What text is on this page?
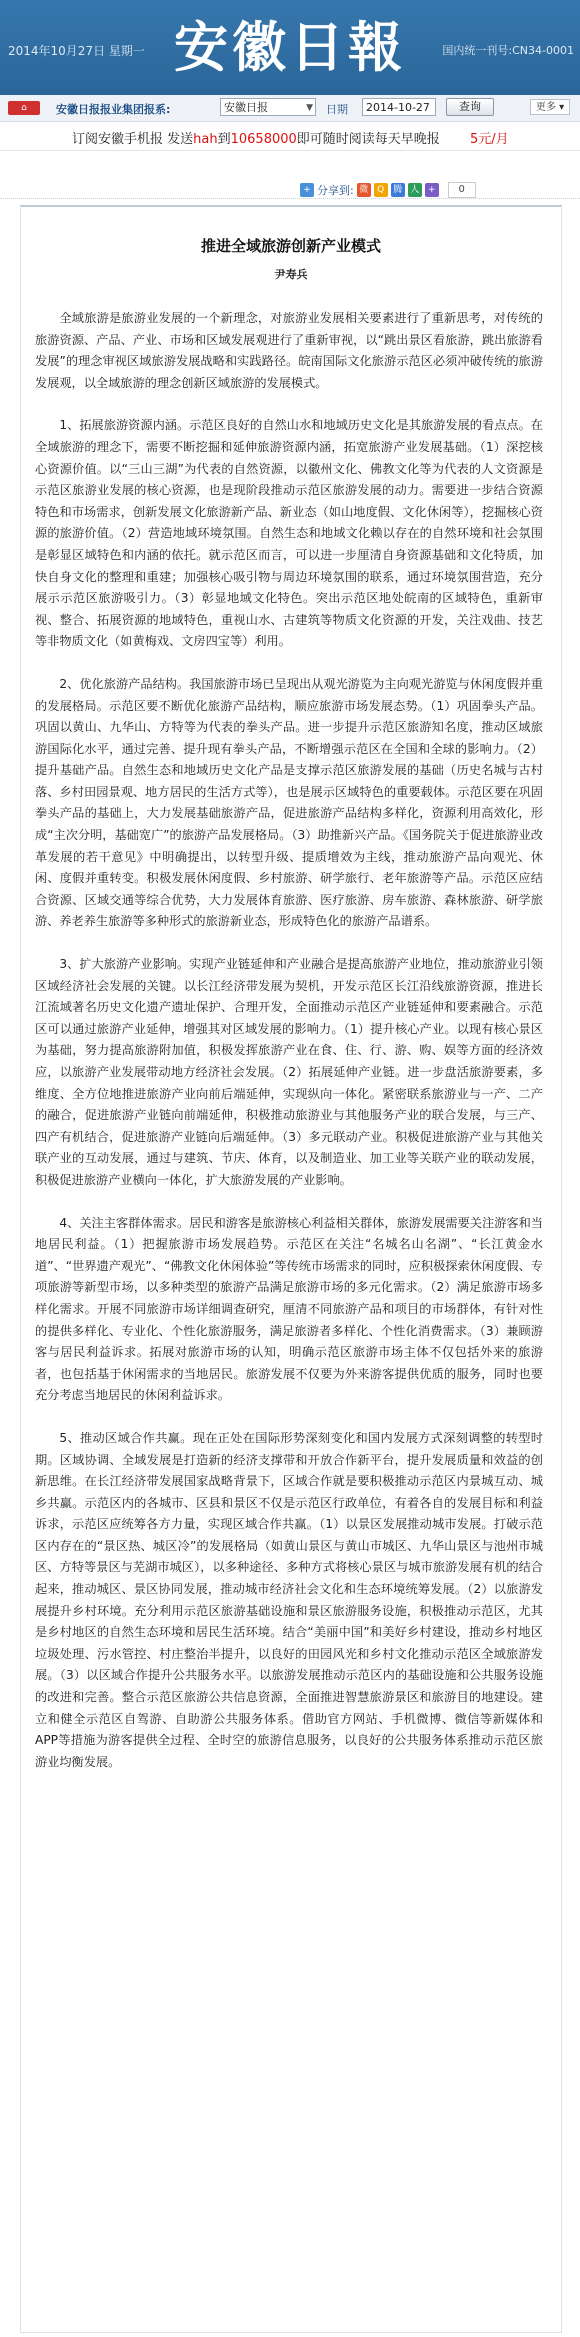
2014年10月27日 星期一 安徽日報	国内统一刊号:CN34-0001
⌂	安徽日报报业集团报系:	安徽日报	▼ 日期	2014-10-27	查询	更多 ▾
订阅安徽手机报 发送hah到10658000即可随时阅读每天早晚报 5元/月
+ 分享到: 微 Q 腾 人 +	0
推进全域旅游创新产业模式
尹寿兵

全域旅游是旅游业发展的一个新理念，对旅游业发展相关要素进行了重新思考，对传统的旅游资源、产品、产业、市场和区域发展观进行了重新审视，以“跳出景区看旅游，跳出旅游看发展”的理念审视区域旅游发展战略和实践路径。皖南国际文化旅游示范区必须冲破传统的旅游发展观，以全域旅游的理念创新区域旅游的发展模式。

1、拓展旅游资源内涵。示范区良好的自然山水和地域历史文化是其旅游发展的看点点。在全域旅游的理念下，需要不断挖掘和延伸旅游资源内涵，拓宽旅游产业发展基础。（1）深挖核心资源价值。以“三山三湖”为代表的自然资源，以徽州文化、佛教文化等为代表的人文资源是示范区旅游业发展的核心资源，也是现阶段推动示范区旅游发展的动力。需要进一步结合资源特色和市场需求，创新发展文化旅游新产品、新业态（如山地度假、文化休闲等），挖掘核心资源的旅游价值。（2）营造地域环境氛围。自然生态和地域文化赖以存在的自然环境和社会氛围是彰显区域特色和内涵的依托。就示范区而言，可以进一步厘清自身资源基础和文化特质，加快自身文化的整理和重建；加强核心吸引物与周边环境氛围的联系，通过环境氛围营造，充分展示示范区旅游吸引力。（3）彰显地域文化特色。突出示范区地处皖南的区域特色，重新审视、整合、拓展资源的地域特色，重视山水、古建筑等物质文化资源的开发，关注戏曲、技艺等非物质文化（如黄梅戏、文房四宝等）利用。

2、优化旅游产品结构。我国旅游市场已呈现出从观光游览为主向观光游览与休闲度假并重的发展格局。示范区要不断优化旅游产品结构，顺应旅游市场发展态势。（1）巩固拳头产品。巩固以黄山、九华山、方特等为代表的拳头产品。进一步提升示范区旅游知名度，推动区域旅游国际化水平，通过完善、提升现有拳头产品，不断增强示范区在全国和全球的影响力。（2）提升基础产品。自然生态和地域历史文化产品是支撑示范区旅游发展的基础（历史名城与古村落、乡村田园景观、地方居民的生活方式等），也是展示区域特色的重要载体。示范区要在巩固拳头产品的基础上，大力发展基础旅游产品，促进旅游产品结构多样化，资源利用高效化，形成“主次分明，基础宽广”的旅游产品发展格局。（3）助推新兴产品。《国务院关于促进旅游业改革发展的若干意见》中明确提出，以转型升级、提质增效为主线，推动旅游产品向观光、休闲、度假并重转变。积极发展休闲度假、乡村旅游、研学旅行、老年旅游等产品。示范区应结合资源、区域交通等综合优势，大力发展体育旅游、医疗旅游、房车旅游、森林旅游、研学旅游、养老养生旅游等多种形式的旅游新业态，形成特色化的旅游产品谱系。

3、扩大旅游产业影响。实现产业链延伸和产业融合是提高旅游产业地位，推动旅游业引领区域经济社会发展的关键。以长江经济带发展为契机，开发示范区长江沿线旅游资源，推进长江流域著名历史文化遗产遗址保护、合理开发，全面推动示范区产业链延伸和要素融合。示范区可以通过旅游产业延伸，增强其对区域发展的影响力。（1）提升核心产业。以现有核心景区为基础，努力提高旅游附加值，积极发挥旅游产业在食、住、行、游、购、娱等方面的经济效应，以旅游产业发展带动地方经济社会发展。（2）拓展延伸产业链。进一步盘活旅游要素，多维度、全方位地推进旅游产业向前后端延伸，实现纵向一体化。紧密联系旅游业与一产、二产的融合，促进旅游产业链向前端延伸，积极推动旅游业与其他服务产业的联合发展，与三产、四产有机结合，促进旅游产业链向后端延伸。（3）多元联动产业。积极促进旅游产业与其他关联产业的互动发展，通过与建筑、节庆、体育，以及制造业、加工业等关联产业的联动发展，积极促进旅游产业横向一体化，扩大旅游发展的产业影响。

4、关注主客群体需求。居民和游客是旅游核心利益相关群体，旅游发展需要关注游客和当地居民利益。（1）把握旅游市场发展趋势。示范区在关注“名城名山名湖”、“长江黄金水道”、“世界遗产观光”、“佛教文化休闲体验”等传统市场需求的同时，应积极探索休闲度假、专项旅游等新型市场，以多种类型的旅游产品满足旅游市场的多元化需求。（2）满足旅游市场多样化需求。开展不同旅游市场详细调查研究，厘清不同旅游产品和项目的市场群体，有针对性的提供多样化、专业化、个性化旅游服务，满足旅游者多样化、个性化消费需求。（3）兼顾游客与居民利益诉求。拓展对旅游市场的认知，明确示范区旅游市场主体不仅包括外来的旅游者，也包括基于休闲需求的当地居民。旅游发展不仅要为外来游客提供优质的服务，同时也要充分考虑当地居民的休闲利益诉求。

5、推动区域合作共赢。现在正处在国际形势深刻变化和国内发展方式深刻调整的转型时期。区域协调、全域发展是打造新的经济支撑带和开放合作新平台，提升发展质量和效益的创新思维。在长江经济带发展国家战略背景下，区域合作就是要积极推动示范区内景城互动、城乡共赢。示范区内的各城市、区县和景区不仅是示范区行政单位，有着各自的发展目标和利益诉求，示范区应统筹各方力量，实现区域合作共赢。（1）以景区发展推动城市发展。打破示范区内存在的“景区热、城区冷”的发展格局（如黄山景区与黄山市城区、九华山景区与池州市城区、方特等景区与芜湖市城区），以多种途径、多种方式将核心景区与城市旅游发展有机的结合起来，推动城区、景区协同发展，推动城市经济社会文化和生态环境统筹发展。（2）以旅游发展提升乡村环境。充分利用示范区旅游基础设施和景区旅游服务设施，积极推动示范区，尤其是乡村地区的自然生态环境和居民生活环境。结合“美丽中国”和美好乡村建设，推动乡村地区垃圾处理、污水管控、村庄整治半提升，以良好的田园风光和乡村文化推动示范区全域旅游发展。（3）以区域合作提升公共服务水平。以旅游发展推动示范区内的基础设施和公共服务设施的改进和完善。整合示范区旅游公共信息资源，全面推进智慧旅游景区和旅游目的地建设。建立和健全示范区自驾游、自助游公共服务体系。借助官方网站、手机微博、微信等新媒体和APP等措施为游客提供全过程、全时空的旅游信息服务，以良好的公共服务体系推动示范区旅游业均衡发展。
